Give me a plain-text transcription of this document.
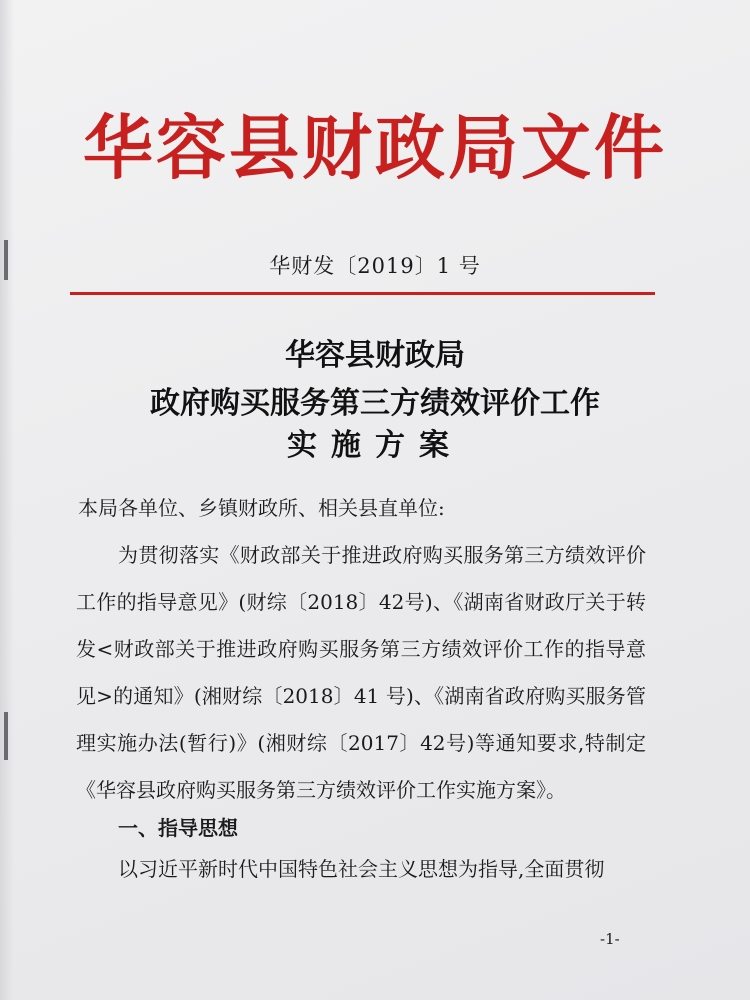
华容县财政局文件
华财发〔2019〕1 号
华容县财政局
政府购买服务第三方绩效评价工作
实施方案
本局各单位、乡镇财政所、相关县直单位:
为贯彻落实《财政部关于推进政府购买服务第三方绩效评价工作的指导意见》(财综〔2018〕42号)、《湖南省财政厅关于转发<财政部关于推进政府购买服务第三方绩效评价工作的指导意见>的通知》(湘财综〔2018〕41 号)、《湖南省政府购买服务管理实施办法(暂行)》(湘财综〔2017〕42号)等通知要求,特制定《华容县政府购买服务第三方绩效评价工作实施方案》。
一、指导思想
以习近平新时代中国特色社会主义思想为指导,全面贯彻
-1-
